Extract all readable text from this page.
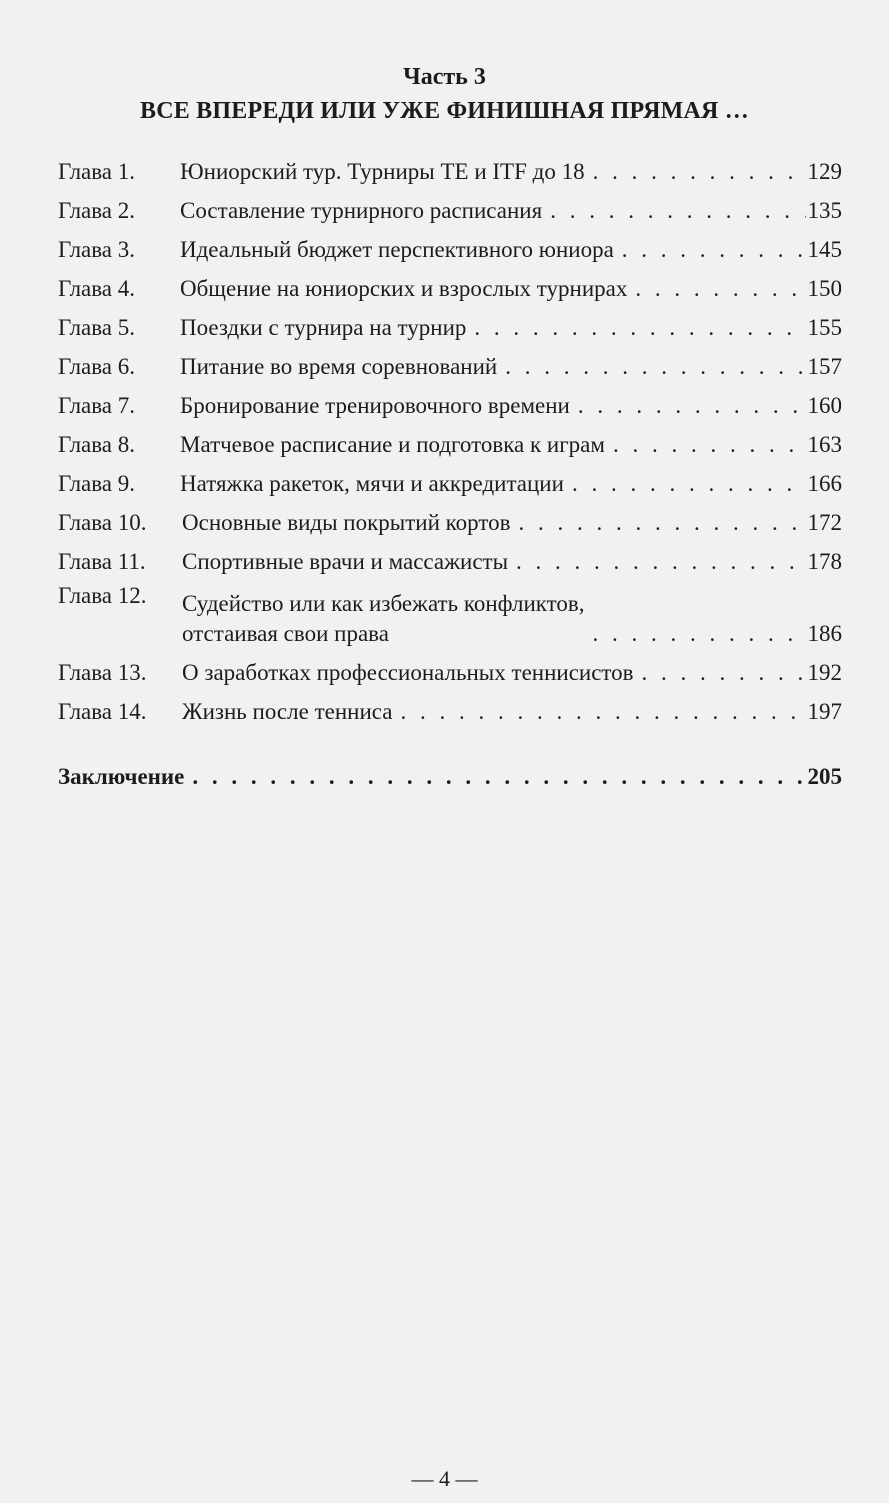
Часть 3
ВСЕ ВПЕРЕДИ ИЛИ УЖЕ ФИНИШНАЯ ПРЯМАЯ …
Глава 1.	Юниорский тур. Турниры ТЕ и ITF до 18 . . .	129
Глава 2.	Составление турнирного расписания . . .	135
Глава 3.	Идеальный бюджет перспективного юниора . . .	145
Глава 4.	Общение на юниорских и взрослых турнирах . . .	150
Глава 5.	Поездки с турнира на турнир . . .	155
Глава 6.	Питание во время соревнований . . .	157
Глава 7.	Бронирование тренировочного времени . . .	160
Глава 8.	Матчевое расписание и подготовка к играм . . .	163
Глава 9.	Натяжка ракеток, мячи и аккредитации . . .	166
Глава 10.	Основные виды покрытий кортов . . .	172
Глава 11.	Спортивные врачи и массажисты . . .	178
Глава 12.	Судейство или как избежать конфликтов,
отстаивая свои права . . .	186
Глава 13.	О заработках профессиональных теннисистов . . .	192
Глава 14.	Жизнь после тенниса . . .	197
Заключение . . .	205
— 4 —
